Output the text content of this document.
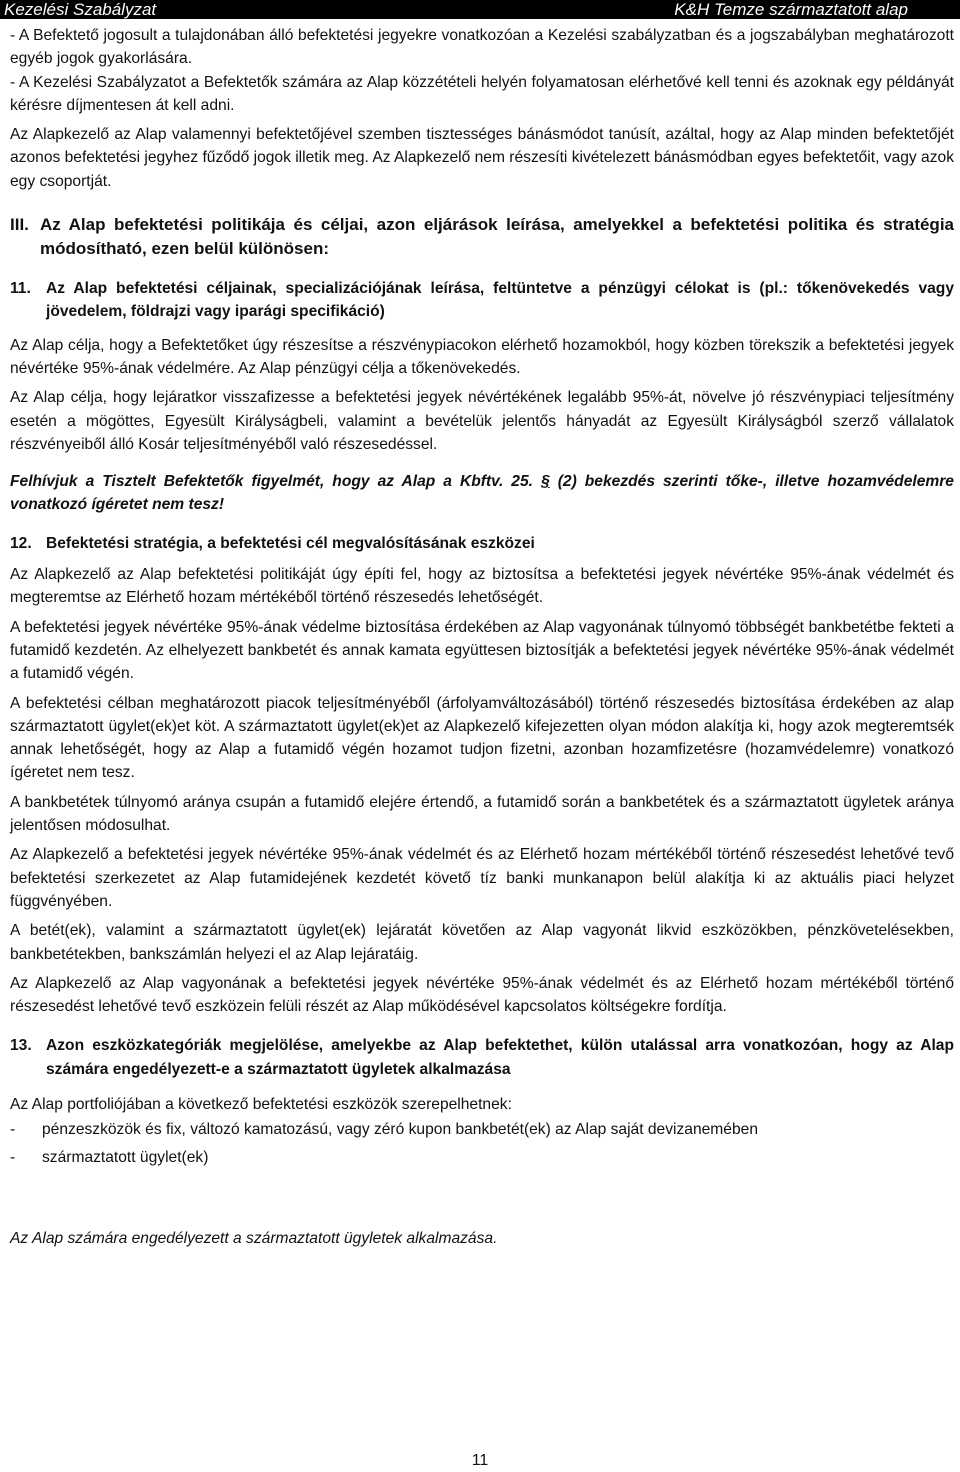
Kezelési Szabályzat	K&H Temze származtatott alap

- A Befektető jogosult a tulajdonában álló befektetési jegyekre vonatkozóan a Kezelési szabályzatban és a jogszabályban meghatározott egyéb jogok gyakorlására.

- A Kezelési Szabályzatot a Befektetők számára az Alap közzétételi helyén folyamatosan elérhetővé kell tenni és azoknak egy példányát kérésre díjmentesen át kell adni.

Az Alapkezelő az Alap valamennyi befektetőjével szemben tisztességes bánásmódot tanúsít, azáltal, hogy az Alap minden befektetőjét azonos befektetési jegyhez fűződő jogok illetik meg. Az Alapkezelő nem részesíti kivételezett bánásmódban egyes befektetőit, vagy azok egy csoportját.

III. Az Alap befektetési politikája és céljai, azon eljárások leírása, amelyekkel a befektetési politika és stratégia módosítható, ezen belül különösen:
11. Az Alap befektetési céljainak, specializációjának leírása, feltüntetve a pénzügyi célokat is (pl.: tőkenövekedés vagy jövedelem, földrajzi vagy iparági specifikáció)

Az Alap célja, hogy a Befektetőket úgy részesítse a részvénypiacokon elérhető hozamokból, hogy közben törekszik a befektetési jegyek névértéke 95%-ának védelmére. Az Alap pénzügyi célja a tőkenövekedés.

Az Alap célja, hogy lejáratkor visszafizesse a befektetési jegyek névértékének legalább 95%-át, növelve jó részvénypiaci teljesítmény esetén a mögöttes, Egyesült Királyságbeli, valamint a bevételük jelentős hányadát az Egyesült Királyságból szerző vállalatok részvényeiből álló Kosár teljesítményéből való részesedéssel.

Felhívjuk a Tisztelt Befektetők figyelmét, hogy az Alap a Kbftv. 25. § (2) bekezdés szerinti tőke-, illetve hozamvédelemre vonatkozó ígéretet nem tesz!

12. Befektetési stratégia, a befektetési cél megvalósításának eszközei

Az Alapkezelő az Alap befektetési politikáját úgy építi fel, hogy az biztosítsa a befektetési jegyek névértéke 95%-ának védelmét és megteremtse az Elérhető hozam mértékéből történő részesedés lehetőségét.

A befektetési jegyek névértéke 95%-ának védelme biztosítása érdekében az Alap vagyonának túlnyomó többségét bankbetétbe fekteti a futamidő kezdetén. Az elhelyezett bankbetét és annak kamata együttesen biztosítják a befektetési jegyek névértéke 95%-ának védelmét a futamidő végén.

A befektetési célban meghatározott piacok teljesítményéből (árfolyamváltozásából) történő részesedés biztosítása érdekében az alap származtatott ügylet(ek)et köt. A származtatott ügylet(ek)et az Alapkezelő kifejezetten olyan módon alakítja ki, hogy azok megteremtsék annak lehetőségét, hogy az Alap a futamidő végén hozamot tudjon fizetni, azonban hozamfizetésre (hozamvédelemre) vonatkozó ígéretet nem tesz.

A bankbetétek túlnyomó aránya csupán a futamidő elejére értendő, a futamidő során a bankbetétek és a származtatott ügyletek aránya jelentősen módosulhat.

Az Alapkezelő a befektetési jegyek névértéke 95%-ának védelmét és az Elérhető hozam mértékéből történő részesedést lehetővé tevő befektetési szerkezetet az Alap futamidejének kezdetét követő tíz banki munkanapon belül alakítja ki az aktuális piaci helyzet függvényében.

A betét(ek), valamint a származtatott ügylet(ek) lejáratát követően az Alap vagyonát likvid eszközökben, pénzkövetelésekben, bankbetétekben, bankszámlán helyezi el az Alap lejáratáig.

Az Alapkezelő az Alap vagyonának a befektetési jegyek névértéke 95%-ának védelmét és az Elérhető hozam mértékéből történő részesedést lehetővé tevő eszközein felüli részét az Alap működésével kapcsolatos költségekre fordítja.

13. Azon eszközkategóriák megjelölése, amelyekbe az Alap befektethet, külön utalással arra vonatkozóan, hogy az Alap számára engedélyezett-e a származtatott ügyletek alkalmazása

Az Alap portfoliójában a következő befektetési eszközök szerepelhetnek:

-	pénzeszközök és fix, változó kamatozású, vagy zéró kupon bankbetét(ek) az Alap saját devizanemében
-	származtatott ügylet(ek)

Az Alap számára engedélyezett a származtatott ügyletek alkalmazása.

11
